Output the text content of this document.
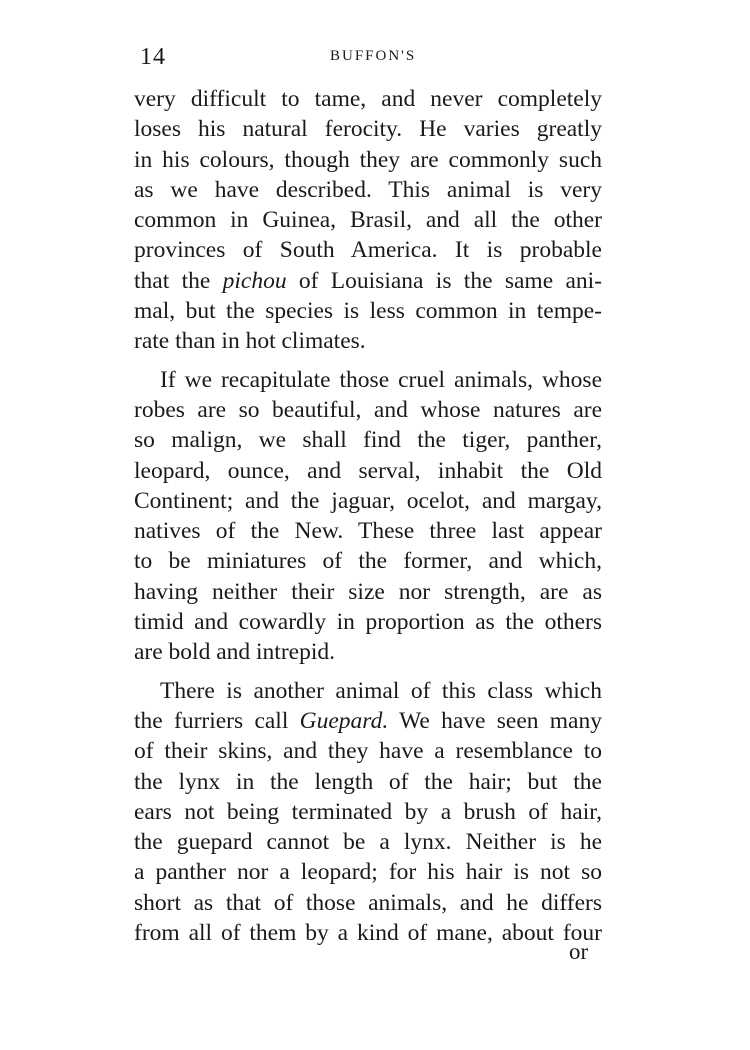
14	BUFFON'S
very difficult to tame, and never completely
loses his natural ferocity. He varies greatly
in his colours, though they are commonly such
as we have described. This animal is very
common in Guinea, Brasil, and all the other
provinces of South America. It is probable
that the pichou of Louisiana is the same ani-
mal, but the species is less common in tempe-
rate than in hot climates.
If we recapitulate those cruel animals, whose
robes are so beautiful, and whose natures are
so malign, we shall find the tiger, panther,
leopard, ounce, and serval, inhabit the Old
Continent; and the jaguar, ocelot, and margay,
natives of the New. These three last appear
to be miniatures of the former, and which,
having neither their size nor strength, are as
timid and cowardly in proportion as the others
are bold and intrepid.
There is another animal of this class which
the furriers call Guepard. We have seen many
of their skins, and they have a resemblance to
the lynx in the length of the hair; but the
ears not being terminated by a brush of hair,
the guepard cannot be a lynx. Neither is he
a panther nor a leopard; for his hair is not so
short as that of those animals, and he differs
from all of them by a kind of mane, about four
or
